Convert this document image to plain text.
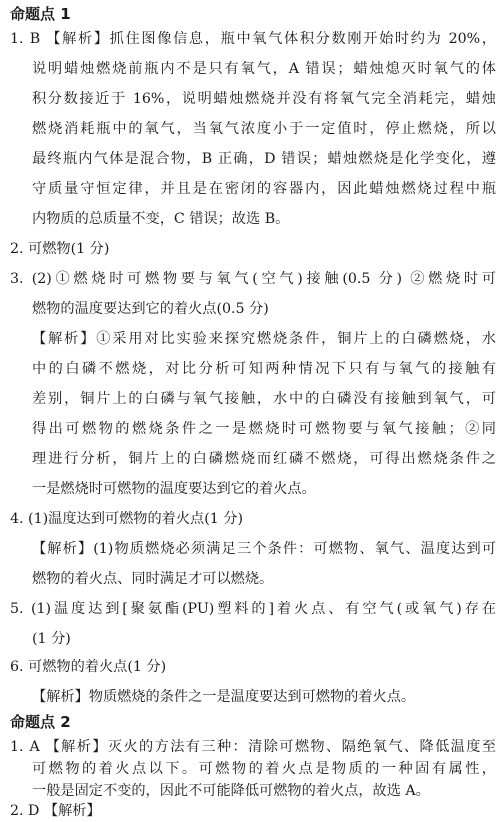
命题点 1
1. B 【解析】抓住图像信息，瓶中氧气体积分数刚开始时约为 20%，
说明蜡烛燃烧前瓶内不是只有氧气，A 错误；蜡烛熄灭时氧气的体
积分数接近于 16%，说明蜡烛燃烧并没有将氧气完全消耗完，蜡烛
燃烧消耗瓶中的氧气，当氧气浓度小于一定值时，停止燃烧，所以
最终瓶内气体是混合物，B 正确，D 错误；蜡烛燃烧是化学变化，遵
守质量守恒定律，并且是在密闭的容器内，因此蜡烛燃烧过程中瓶
内物质的总质量不变，C 错误；故选 B。
2. 可燃物(1 分)
3. (2)①燃烧时可燃物要与氧气(空气)接触(0.5 分) ②燃烧时可
燃物的温度要达到它的着火点(0.5 分)
【解析】①采用对比实验来探究燃烧条件，铜片上的白磷燃烧，水
中的白磷不燃烧，对比分析可知两种情况下只有与氧气的接触有
差别，铜片上的白磷与氧气接触，水中的白磷没有接触到氧气，可
得出可燃物的燃烧条件之一是燃烧时可燃物要与氧气接触；②同
理进行分析，铜片上的白磷燃烧而红磷不燃烧，可得出燃烧条件之
一是燃烧时可燃物的温度要达到它的着火点。
4. (1)温度达到可燃物的着火点(1 分)
【解析】(1)物质燃烧必须满足三个条件：可燃物、氧气、温度达到可
燃物的着火点、同时满足才可以燃烧。
5. (1)温度达到[聚氨酯(PU)塑料的]着火点、有空气(或氧气)存在
(1 分)
6. 可燃物的着火点(1 分)
【解析】物质燃烧的条件之一是温度要达到可燃物的着火点。
命题点 2
1. A 【解析】灭火的方法有三种：清除可燃物、隔绝氧气、降低温度至
可燃物的着火点以下。可燃物的着火点是物质的一种固有属性，
一般是固定不变的，因此不可能降低可燃物的着火点，故选 A。
2. D 【解析】
